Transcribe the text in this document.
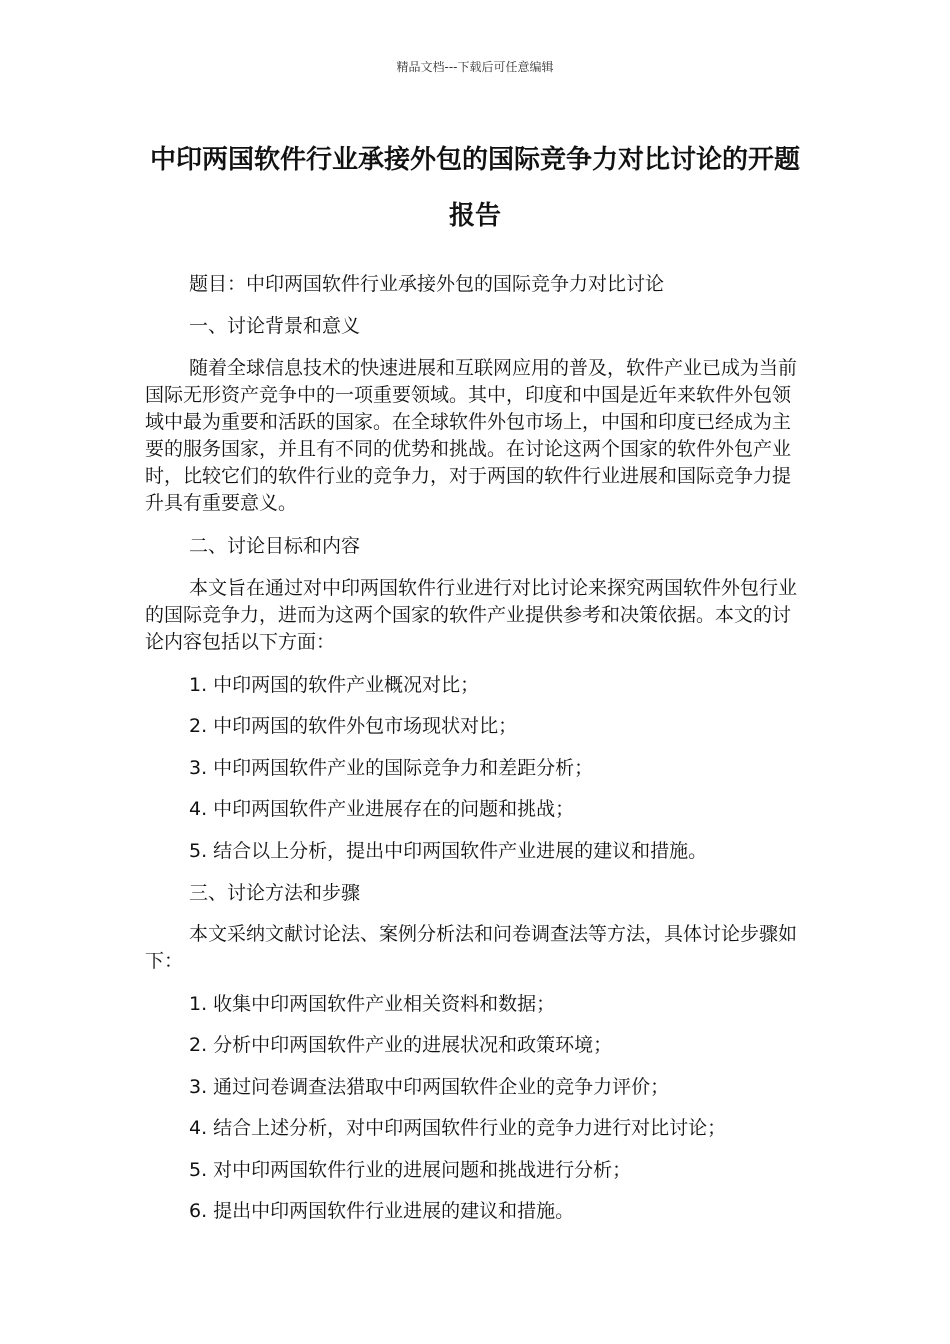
精品文档---下载后可任意编辑
中印两国软件行业承接外包的国际竞争力对比讨论的开题报告

题目：中印两国软件行业承接外包的国际竞争力对比讨论

一、讨论背景和意义

随着全球信息技术的快速进展和互联网应用的普及，软件产业已成为当前国际无形资产竞争中的一项重要领域。其中，印度和中国是近年来软件外包领域中最为重要和活跃的国家。在全球软件外包市场上，中国和印度已经成为主要的服务国家，并且有不同的优势和挑战。在讨论这两个国家的软件外包产业时，比较它们的软件行业的竞争力，对于两国的软件行业进展和国际竞争力提升具有重要意义。

二、讨论目标和内容

本文旨在通过对中印两国软件行业进行对比讨论来探究两国软件外包行业的国际竞争力，进而为这两个国家的软件产业提供参考和决策依据。本文的讨论内容包括以下方面：

1. 中印两国的软件产业概况对比；

2. 中印两国的软件外包市场现状对比；

3. 中印两国软件产业的国际竞争力和差距分析；

4. 中印两国软件产业进展存在的问题和挑战；

5. 结合以上分析，提出中印两国软件产业进展的建议和措施。

三、讨论方法和步骤

本文采纳文献讨论法、案例分析法和问卷调查法等方法，具体讨论步骤如下：

1. 收集中印两国软件产业相关资料和数据；

2. 分析中印两国软件产业的进展状况和政策环境；

3. 通过问卷调查法猎取中印两国软件企业的竞争力评价；

4. 结合上述分析，对中印两国软件行业的竞争力进行对比讨论；

5. 对中印两国软件行业的进展问题和挑战进行分析；

6. 提出中印两国软件行业进展的建议和措施。
